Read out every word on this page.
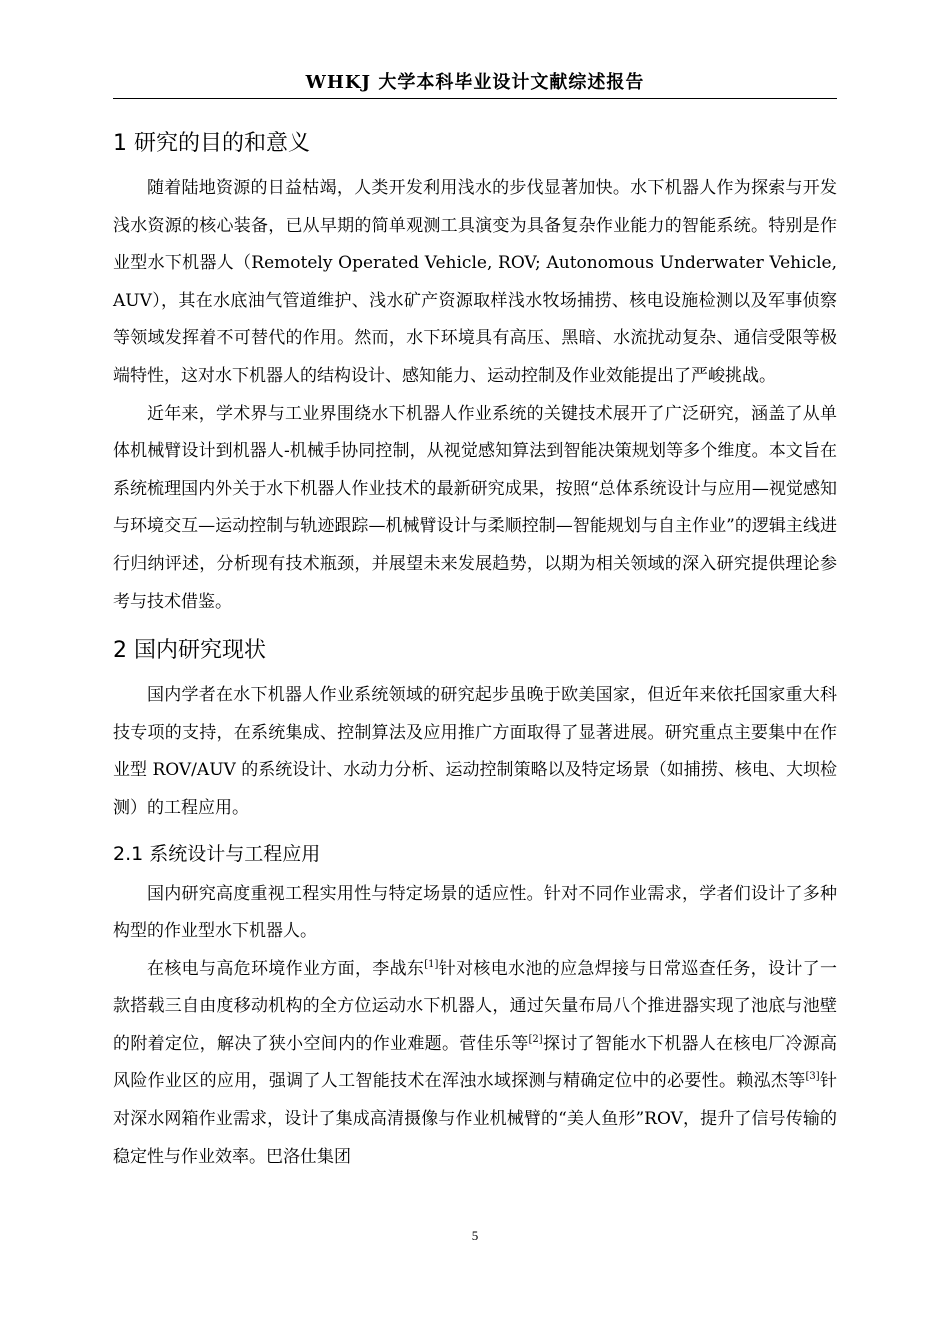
WHKJ 大学本科毕业设计文献综述报告
1 研究的目的和意义

随着陆地资源的日益枯竭，人类开发利用浅水的步伐显著加快。水下机器人作为探索与开发浅水资源的核心装备，已从早期的简单观测工具演变为具备复杂作业能力的智能系统。特别是作业型水下机器人（Remotely Operated Vehicle, ROV; Autonomous Underwater Vehicle, AUV），其在水底油气管道维护、浅水矿产资源取样浅水牧场捕捞、核电设施检测以及军事侦察等领域发挥着不可替代的作用。然而，水下环境具有高压、黑暗、水流扰动复杂、通信受限等极端特性，这对水下机器人的结构设计、感知能力、运动控制及作业效能提出了严峻挑战。

近年来，学术界与工业界围绕水下机器人作业系统的关键技术展开了广泛研究，涵盖了从单体机械臂设计到机器人-机械手协同控制，从视觉感知算法到智能决策规划等多个维度。本文旨在系统梳理国内外关于水下机器人作业技术的最新研究成果，按照“总体系统设计与应用—视觉感知与环境交互—运动控制与轨迹跟踪—机械臂设计与柔顺控制—智能规划与自主作业”的逻辑主线进行归纳评述，分析现有技术瓶颈，并展望未来发展趋势，以期为相关领域的深入研究提供理论参考与技术借鉴。

2 国内研究现状

国内学者在水下机器人作业系统领域的研究起步虽晚于欧美国家，但近年来依托国家重大科技专项的支持，在系统集成、控制算法及应用推广方面取得了显著进展。研究重点主要集中在作业型 ROV/AUV 的系统设计、水动力分析、运动控制策略以及特定场景（如捕捞、核电、大坝检测）的工程应用。

2.1 系统设计与工程应用

国内研究高度重视工程实用性与特定场景的适应性。针对不同作业需求，学者们设计了多种构型的作业型水下机器人。

在核电与高危环境作业方面，李战东[1]针对核电水池的应急焊接与日常巡查任务，设计了一款搭载三自由度移动机构的全方位运动水下机器人，通过矢量布局八个推进器实现了池底与池壁的附着定位，解决了狭小空间内的作业难题。菅佳乐等[2]探讨了智能水下机器人在核电厂冷源高风险作业区的应用，强调了人工智能技术在浑浊水域探测与精确定位中的必要性。赖泓杰等[3]针对深水网箱作业需求，设计了集成高清摄像与作业机械臂的“美人鱼形”ROV，提升了信号传输的稳定性与作业效率。巴洛仕集团

5
